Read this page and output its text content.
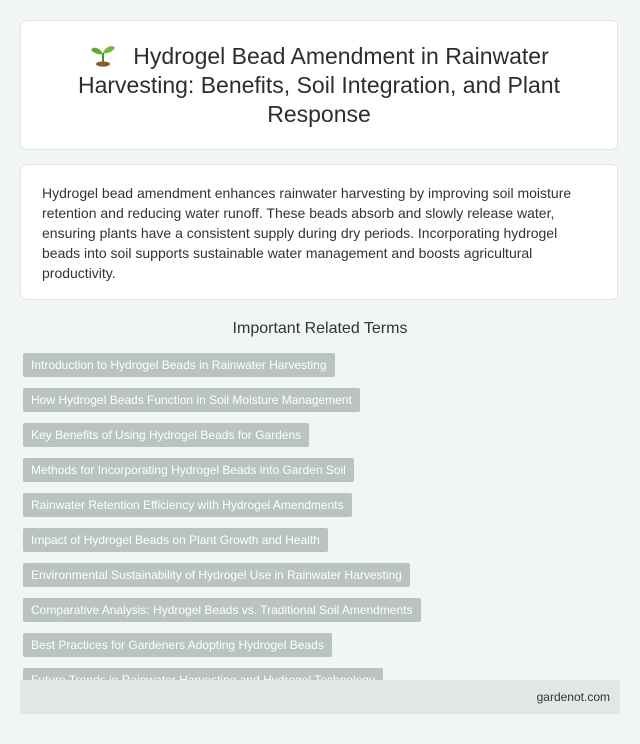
Hydrogel Bead Amendment in Rainwater Harvesting: Benefits, Soil Integration, and Plant Response

Hydrogel bead amendment enhances rainwater harvesting by improving soil moisture retention and reducing water runoff. These beads absorb and slowly release water, ensuring plants have a consistent supply during dry periods. Incorporating hydrogel beads into soil supports sustainable water management and boosts agricultural productivity.

Important Related Terms
Introduction to Hydrogel Beads in Rainwater Harvesting
How Hydrogel Beads Function in Soil Moisture Management
Key Benefits of Using Hydrogel Beads for Gardens
Methods for Incorporating Hydrogel Beads into Garden Soil
Rainwater Retention Efficiency with Hydrogel Amendments
Impact of Hydrogel Beads on Plant Growth and Health
Environmental Sustainability of Hydrogel Use in Rainwater Harvesting
Comparative Analysis: Hydrogel Beads vs. Traditional Soil Amendments
Best Practices for Gardeners Adopting Hydrogel Beads
gardenot.com
